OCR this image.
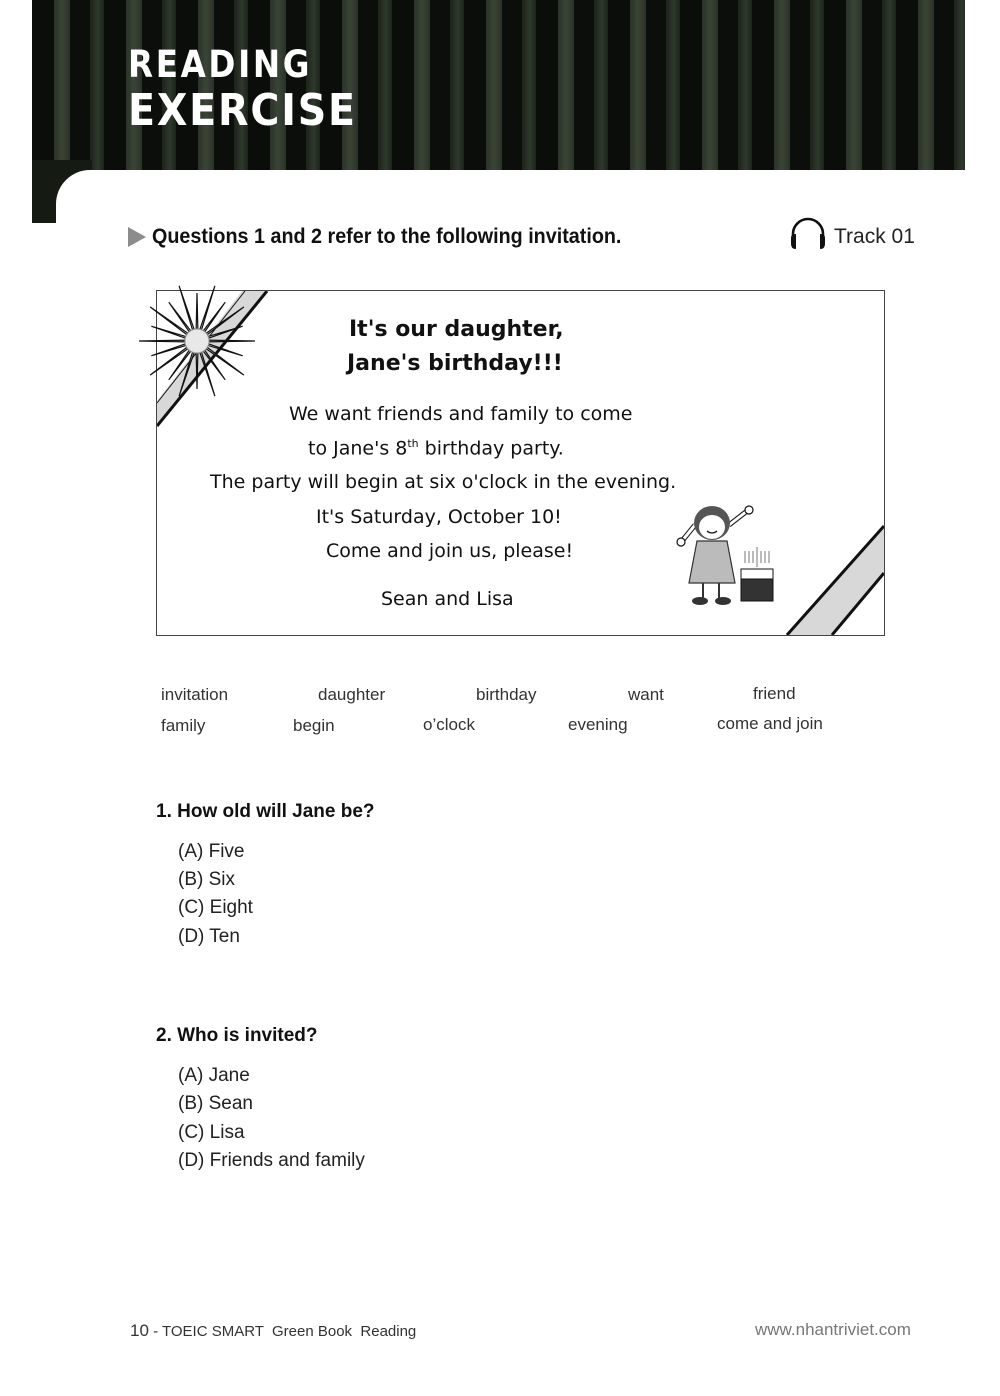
READING
EXERCISE
Questions 1 and 2 refer to the following invitation.	Track 01
It's our daughter,
Jane's birthday!!!
We want friends and family to come
to Jane's 8th birthday party.
The party will begin at six o'clock in the evening.
It's Saturday, October 10!
Come and join us, please!
Sean and Lisa
invitation	daughter	birthday	want	friend
family	begin	o’clock	evening	come and join
1. How old will Jane be?
(A) Five
(B) Six
(C) Eight
(D) Ten
2. Who is invited?
(A) Jane
(B) Sean
(C) Lisa
(D) Friends and family
10 - TOEIC SMART  Green Book  Reading	www.nhantriviet.com
